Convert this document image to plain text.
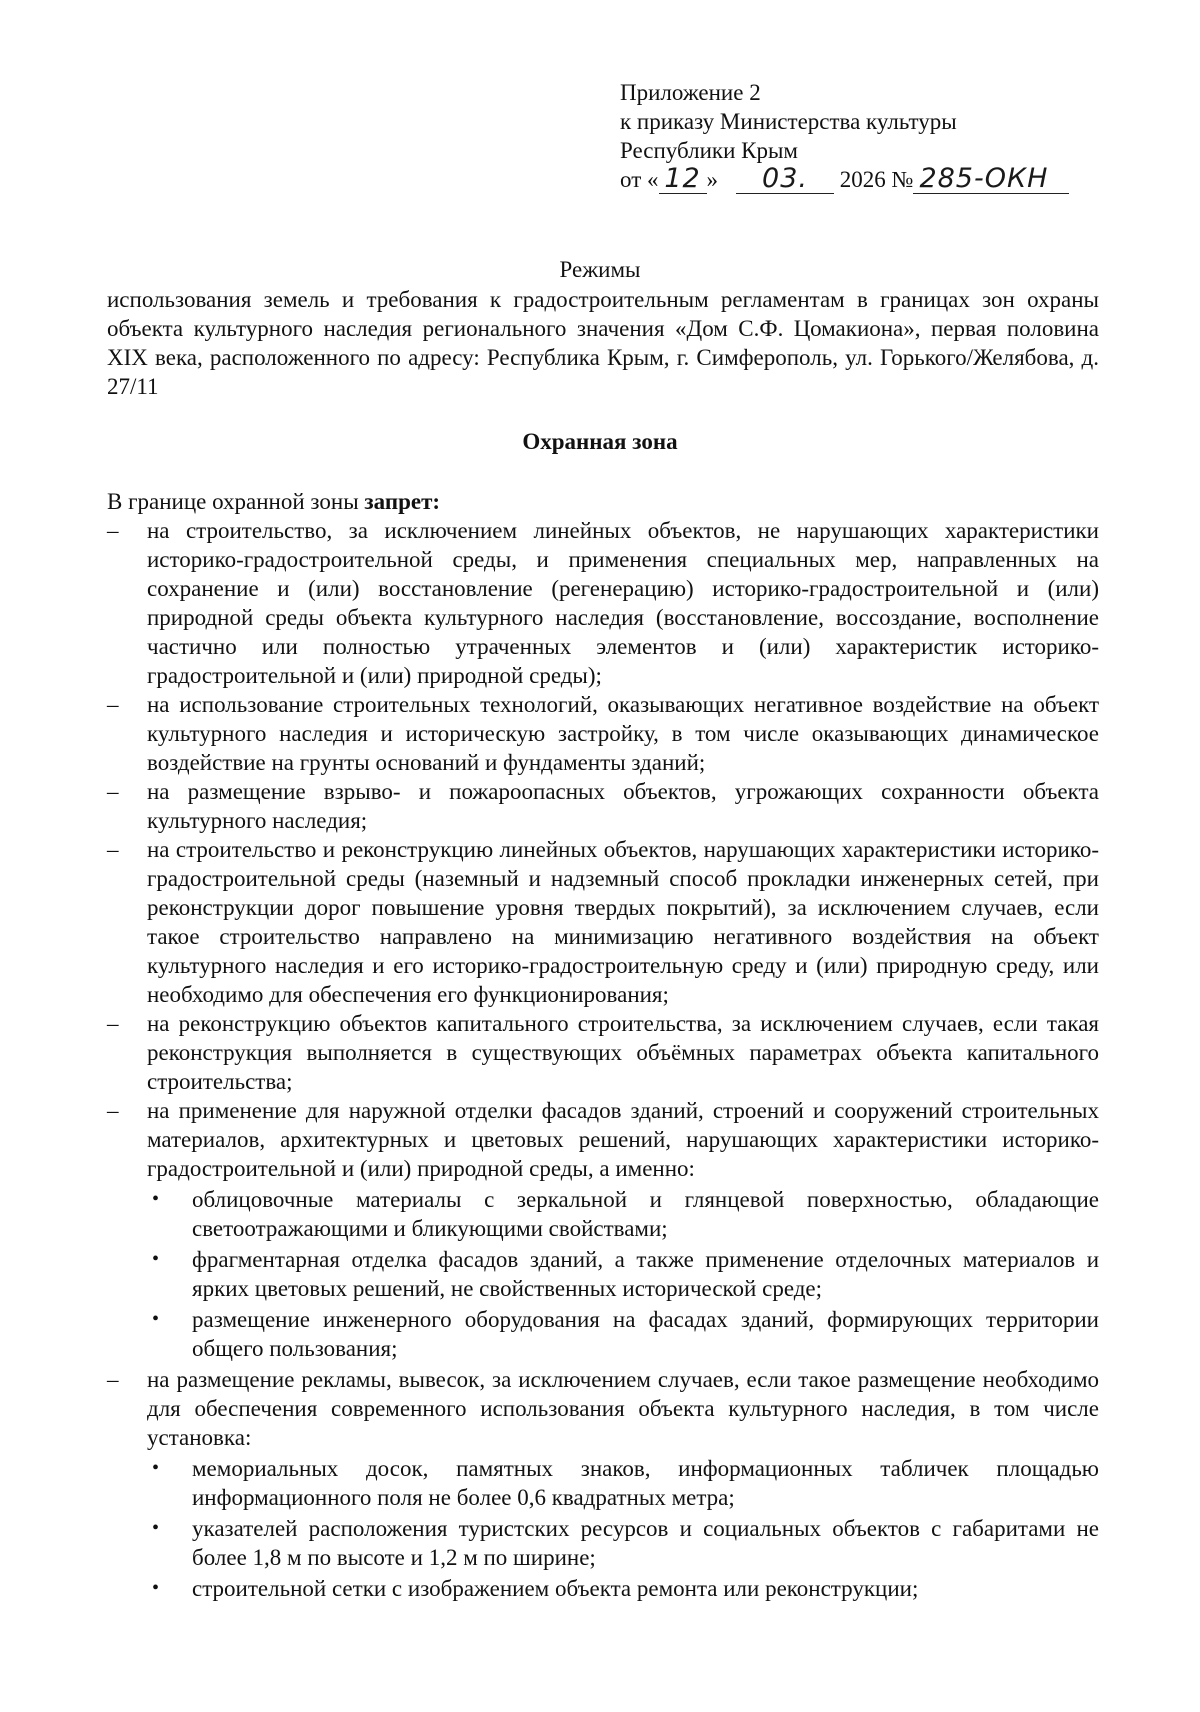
Приложение 2
к приказу Министерства культуры
Республики Крым
от « 12 » 03. 2026 № 285-ОКН
Режимы
использования земель и требования к градостроительным регламентам в границах зон охраны объекта культурного наследия регионального значения «Дом С.Ф. Цомакиона», первая половина XIX века, расположенного по адресу: Республика Крым, г. Симферополь, ул. Горького/Желябова, д. 27/11
Охранная зона
В границе охранной зоны запрет:
– на строительство, за исключением линейных объектов, не нарушающих характеристики историко-градостроительной среды, и применения специальных мер, направленных на сохранение и (или) восстановление (регенерацию) историко-градостроительной и (или) природной среды объекта культурного наследия (восстановление, воссоздание, восполнение частично или полностью утраченных элементов и (или) характеристик историко-градостроительной и (или) природной среды);
– на использование строительных технологий, оказывающих негативное воздействие на объект культурного наследия и историческую застройку, в том числе оказывающих динамическое воздействие на грунты оснований и фундаменты зданий;
– на размещение взрыво- и пожароопасных объектов, угрожающих сохранности объекта культурного наследия;
– на строительство и реконструкцию линейных объектов, нарушающих характеристики историко-градостроительной среды (наземный и надземный способ прокладки инженерных сетей, при реконструкции дорог повышение уровня твердых покрытий), за исключением случаев, если такое строительство направлено на минимизацию негативного воздействия на объект культурного наследия и его историко-градостроительную среду и (или) природную среду, или необходимо для обеспечения его функционирования;
– на реконструкцию объектов капитального строительства, за исключением случаев, если такая реконструкция выполняется в существующих объёмных параметрах объекта капитального строительства;
– на применение для наружной отделки фасадов зданий, строений и сооружений строительных материалов, архитектурных и цветовых решений, нарушающих характеристики историко-градостроительной и (или) природной среды, а именно:
• облицовочные материалы с зеркальной и глянцевой поверхностью, обладающие светоотражающими и бликующими свойствами;
• фрагментарная отделка фасадов зданий, а также применение отделочных материалов и ярких цветовых решений, не свойственных исторической среде;
• размещение инженерного оборудования на фасадах зданий, формирующих территории общего пользования;
– на размещение рекламы, вывесок, за исключением случаев, если такое размещение необходимо для обеспечения современного использования объекта культурного наследия, в том числе установка:
• мемориальных досок, памятных знаков, информационных табличек площадью информационного поля не более 0,6 квадратных метра;
• указателей расположения туристских ресурсов и социальных объектов с габаритами не более 1,8 м по высоте и 1,2 м по ширине;
• строительной сетки с изображением объекта ремонта или реконструкции;
